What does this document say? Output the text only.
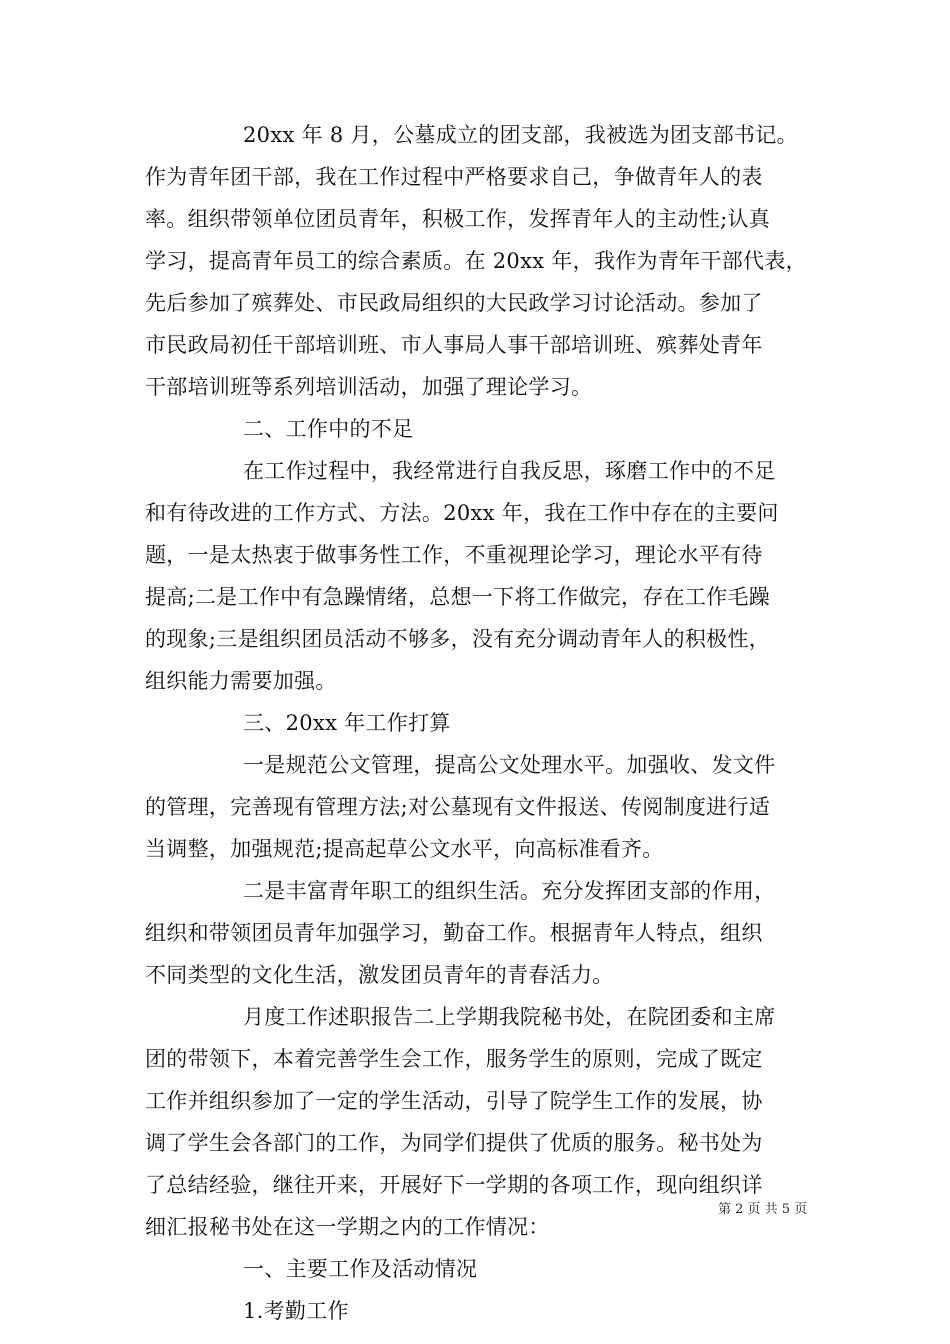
20xx 年 8 月，公墓成立的团支部，我被选为团支部书记。
作为青年团干部，我在工作过程中严格要求自己，争做青年人的表
率。组织带领单位团员青年，积极工作，发挥青年人的主动性;认真
学习，提高青年员工的综合素质。在 20xx 年，我作为青年干部代表，
先后参加了殡葬处、市民政局组织的大民政学习讨论活动。参加了
市民政局初任干部培训班、市人事局人事干部培训班、殡葬处青年
干部培训班等系列培训活动，加强了理论学习。
二、工作中的不足
在工作过程中，我经常进行自我反思，琢磨工作中的不足
和有待改进的工作方式、方法。20xx 年，我在工作中存在的主要问
题，一是太热衷于做事务性工作，不重视理论学习，理论水平有待
提高;二是工作中有急躁情绪，总想一下将工作做完，存在工作毛躁
的现象;三是组织团员活动不够多，没有充分调动青年人的积极性，
组织能力需要加强。
三、20xx 年工作打算
一是规范公文管理，提高公文处理水平。加强收、发文件
的管理，完善现有管理方法;对公墓现有文件报送、传阅制度进行适
当调整，加强规范;提高起草公文水平，向高标准看齐。
二是丰富青年职工的组织生活。充分发挥团支部的作用，
组织和带领团员青年加强学习，勤奋工作。根据青年人特点，组织
不同类型的文化生活，激发团员青年的青春活力。
月度工作述职报告二上学期我院秘书处，在院团委和主席
团的带领下，本着完善学生会工作，服务学生的原则，完成了既定
工作并组织参加了一定的学生活动，引导了院学生工作的发展，协
调了学生会各部门的工作，为同学们提供了优质的服务。秘书处为
了总结经验，继往开来，开展好下一学期的各项工作，现向组织详
细汇报秘书处在这一学期之内的工作情况：
一、主要工作及活动情况
1.考勤工作
第 2 页 共 5 页
